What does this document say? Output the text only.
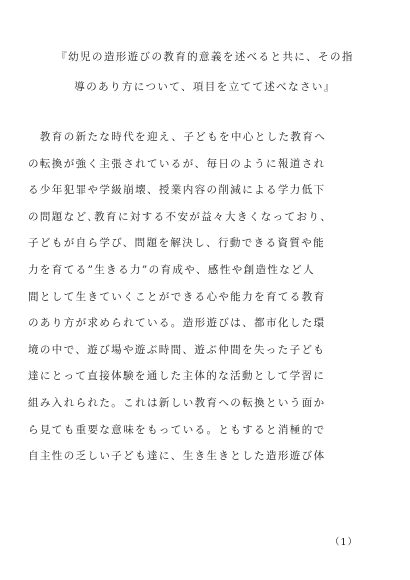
『幼児の造形遊びの教育的意義を述べると共に、その指
導のあり方について、項目を立てて述べなさい』
　教育の新たな時代を迎え、子どもを中心とした教育へ
の転換が強く主張されているが、毎日のように報道され
る少年犯罪や学級崩壊、授業内容の削減による学力低下
の問題など､教育に対する不安が益々大きくなっており、
子どもが自ら学び、問題を解決し、行動できる資質や能
力を育てる”生きる力”の育成や、感性や創造性など人
間として生きていくことができる心や能力を育てる教育
のあり方が求められている。造形遊びは、都市化した環
境の中で、遊び場や遊ぶ時間、遊ぶ仲間を失った子ども
達にとって直接体験を通した主体的な活動として学習に
組み入れられた。これは新しい教育への転換という面か
ら見ても重要な意味をもっている。ともすると消極的で
自主性の乏しい子ども達に、生き生きとした造形遊び体
（1）
